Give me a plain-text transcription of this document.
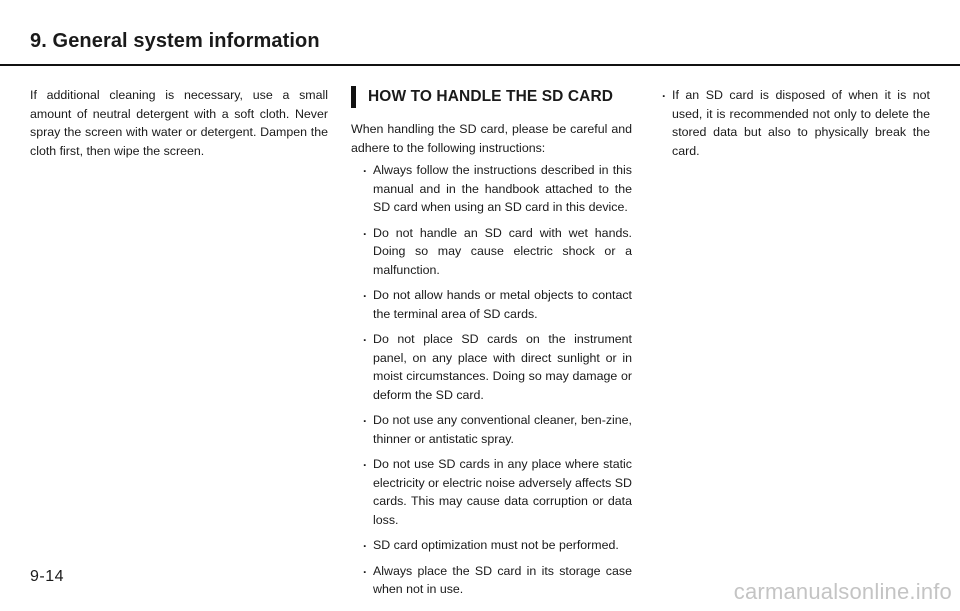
9. General system information

If additional cleaning is necessary, use a small amount of neutral detergent with a soft cloth. Never spray the screen with water or detergent. Dampen the cloth first, then wipe the screen.

HOW TO HANDLE THE SD CARD

When handling the SD card, please be careful and adhere to the following instructions:

. Always follow the instructions described in this manual and in the handbook attached to the SD card when using an SD card in this device.
. Do not handle an SD card with wet hands. Doing so may cause electric shock or a malfunction.
. Do not allow hands or metal objects to contact the terminal area of SD cards.
. Do not place SD cards on the instrument panel, on any place with direct sunlight or in moist circumstances. Doing so may damage or deform the SD card.
. Do not use any conventional cleaner, ben-zine, thinner or antistatic spray.
. Do not use SD cards in any place where static electricity or electric noise adversely affects SD cards. This may cause data corruption or data loss.
. SD card optimization must not be performed.
. Always place the SD card in its storage case when not in use.
. If an SD card is disposed of when it is not used, it is recommended not only to delete the stored data but also to physically break the card.
9-14
carmanualsonline.info
